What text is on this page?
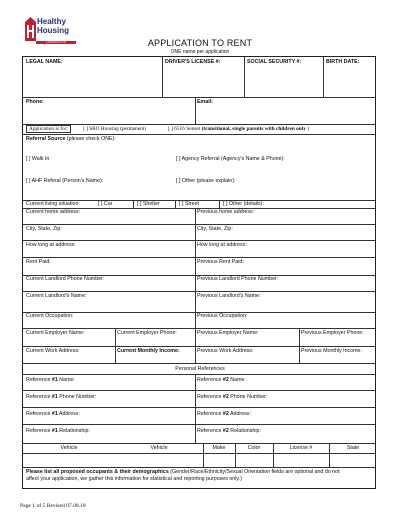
Healthy
Housing
FOUNDATION	APPLICATION TO RENT
ONE name per application
LEGAL NAME:	DRIVER'S LICENSE #:	SOCIAL SECURITY #:	BIRTH DATE:
Phone:	Email:
Application is for:	[ ] SRO Housing (permanent)	[ ] 6516 Sunset (transitional, single parents with children only )
Referral Source (please check ONE):
[ ] Walk In	[ ] Agency Referral (Agency's Name & Phone):
[ ] AHF Referal (Person's Name):	[ ] Other (please explain):
Current living situation:	[ ] Car	[ ] Shelter	[ ] Street	[ ] Other (details):
Current home address:	Previous home address:
City, State, Zip:	City, State, Zip:
How long at address:	How long at address:
Rent Paid:	Previous Rent Paid:
Current Landlord Phone Number:	Previous Landlord Phone Number:
Current Landlord's Name:	Previous Landlord's Name:
Current Occupation:	Previous Occupation:
Current Employer Name:	Current Employer Phone:	Previous Employer Name:	Previous Employer Phone:
Current Work Address:	Current Monthly Income:	Previous Work Address:	Previous Monthly Income:
Personal References
Reference #1 Name:	Reference #2 Name
Reference #1 Phone Number:	Reference #2 Phone Number:
Reference #1 Address:	Reference #2 Address:
Reference #1 Relationship:	Reference #2 Relationship:
Vehicle	Vehicle	Make	Color	License #	State
Please list all proposed occupants & their demographics (Gender/Race/Ethnicity/Sexual Orientation fields are optional and do not
affect your application, we gather this information for statistical and reporting purposes only.)
Page 1 of 5 Revised 07.08.18
